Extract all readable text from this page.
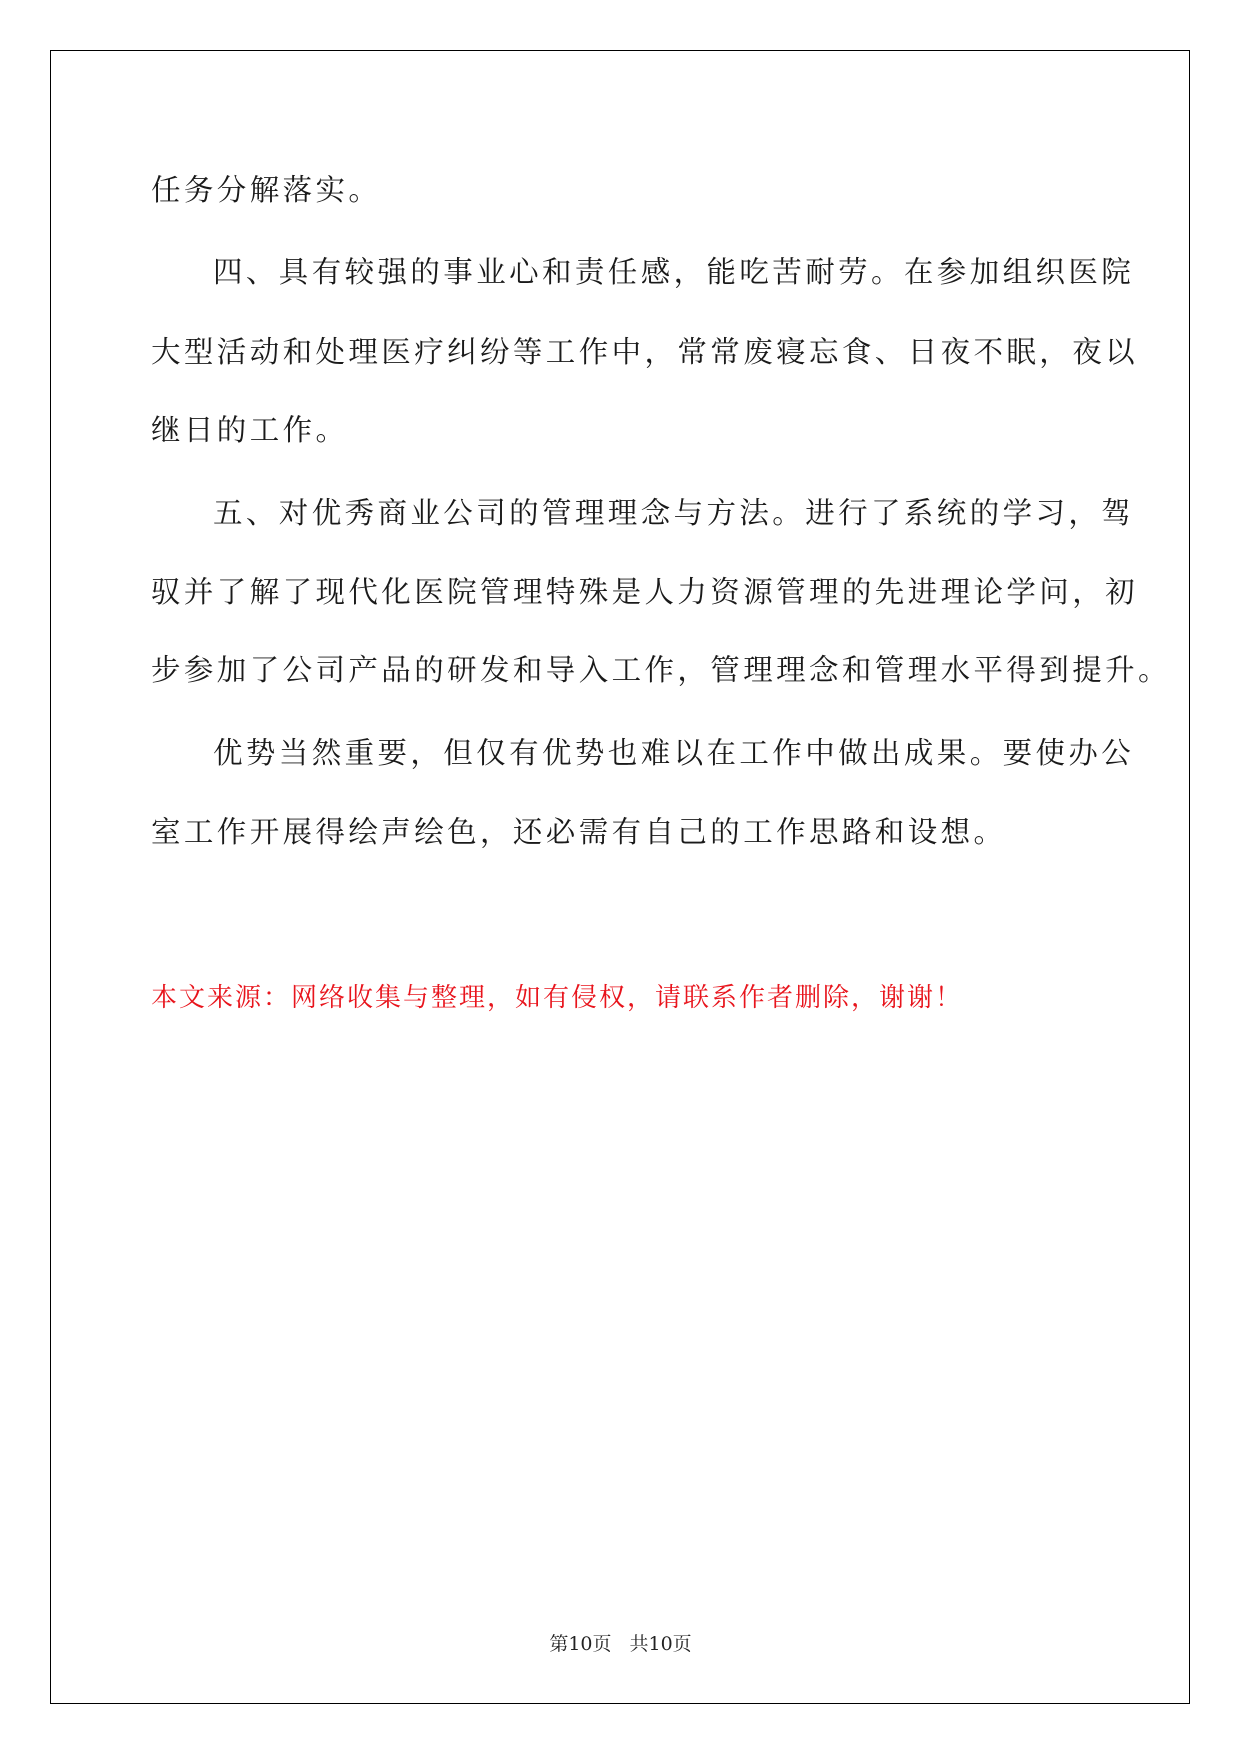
任务分解落实。
四、具有较强的事业心和责任感，能吃苦耐劳。在参加组织医院
大型活动和处理医疗纠纷等工作中，常常废寝忘食、日夜不眠，夜以
继日的工作。
五、对优秀商业公司的管理理念与方法。进行了系统的学习，驾
驭并了解了现代化医院管理特殊是人力资源管理的先进理论学问，初
步参加了公司产品的研发和导入工作，管理理念和管理水平得到提升。
优势当然重要，但仅有优势也难以在工作中做出成果。要使办公
室工作开展得绘声绘色，还必需有自己的工作思路和设想。
本文来源：网络收集与整理，如有侵权，请联系作者删除，谢谢！
第10页 共10页
